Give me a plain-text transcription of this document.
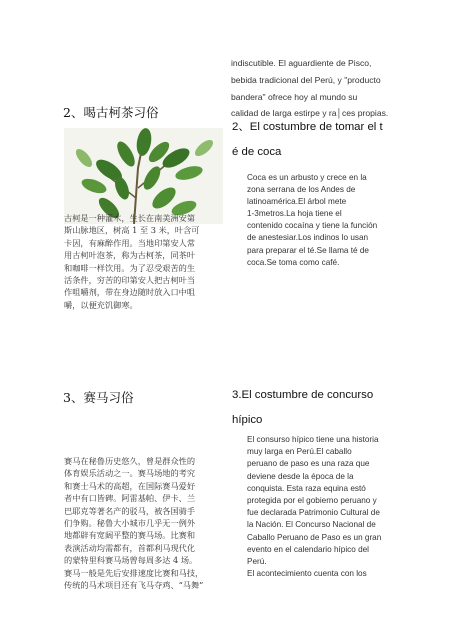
indiscutible. El aguardiente de Pisco,
bebida tradicional del Perú, y "producto
bandera" ofrece hoy al mundo su
calidad de larga estirpe y ra│ces propias.
2、喝古柯茶习俗
2、El costumbre de tomar el t
é de coca
古柯是一种灌木，生长在南美洲安第
斯山脉地区，树高 1 至 3 米，叶含可
卡因，有麻醉作用。当地印第安人常
用古柯叶泡茶，称为古柯茶，同茶叶
和咖啡一样饮用。为了忍受艰苦的生
活条件，穷苦的印第安人把古柯叶当
作咀嚼剂，带在身边随时放入口中咀
嚼，以便充饥御寒。
Coca es un arbusto y crece en la
zona serrana de los Andes de
latinoamérica.El árbol mete
1-3metros.La hoja tiene el
contenido cocaína y tiene la función
de anestesiar.Los indinos lo usan
para preparar el té.Se llama té de
coca.Se toma como café.
3、赛马习俗	3.El costumbre de concurso
hípico
赛马在秘鲁历史悠久，曾是群众性的
体育娱乐活动之一。赛马场地的考究
和赛士马术的高超，在国际赛马爱好
者中有口皆碑。阿雷基帕、伊卡、兰
巴耶克等著名产的驳马，被各国骑手
们争购。秘鲁大小城市几乎无一例外
地都辟有宽阔平整的赛马场。比赛和
表演活动均需都有，首都利马现代化
的蒙特里科赛马场曾每周多达 4 场。
赛马一般是先后安排速度比赛和马技，
传统的马术项目还有飞马夺鸡、“马舞”
El consurso hípico tiene una historia
muy larga en Perú.El caballo
peruano de paso es una raza que
deviene desde la época de la
conquista. Esta raza equina estó
protegida por el gobierno peruano y
fue declarada Patrimonio Cultural de
la Nación. El Concurso Nacional de
Caballo Peruano de Paso es un gran
evento en el calendario hípico del
Perú.
El acontecimiento cuenta con los
